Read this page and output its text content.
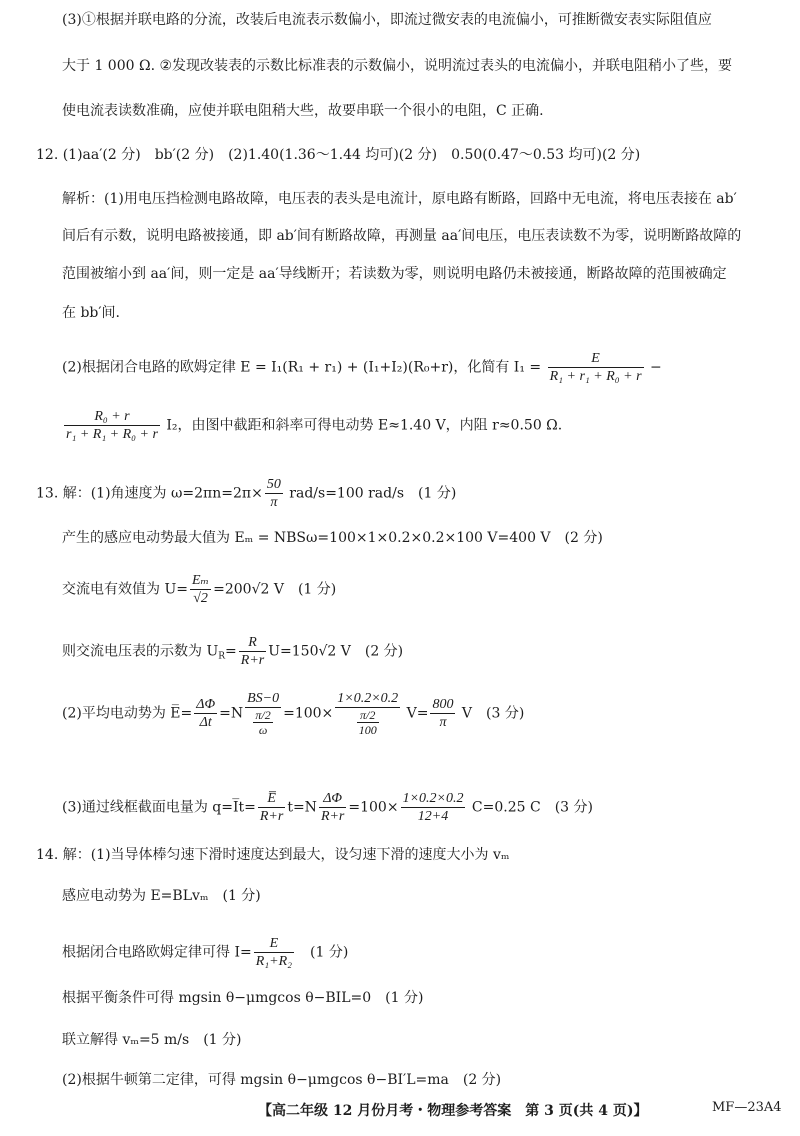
(3)①根据并联电路的分流，改装后电流表示数偏小，即流过微安表的电流偏小，可推断微安表实际阻值应
大于 1 000 Ω. ②发现改装表的示数比标准表的示数偏小，说明流过表头的电流偏小，并联电阻稍小了些，要
使电流表读数准确，应使并联电阻稍大些，故要串联一个很小的电阻，C 正确.
12. (1)aa′(2 分)　bb′(2 分)　(2)1.40(1.36～1.44 均可)(2 分)　0.50(0.47～0.53 均可)(2 分)
解析：(1)用电压挡检测电路故障，电压表的表头是电流计，原电路有断路，回路中无电流，将电压表接在 ab′
间后有示数，说明电路被接通，即 ab′间有断路故障，再测量 aa′间电压，电压表读数不为零，说明断路故障的
范围被缩小到 aa′间，则一定是 aa′导线断开；若读数为零，则说明电路仍未被接通，断路故障的范围被确定
在 bb′间.
(2)根据闭合电路的欧姆定律 E = I₁(R₁ + r₁) + (I₁+I₂)(R₀+r)，化简有 $I_1 = \frac{E}{\text{R₁ + r₁ + R₀ + r}}$ −
$\frac{\text{R₀ + r}}{\text{r₁ + R₁ + R₀ + r}} I_2$，由图中截距和斜率可得电动势 E≈1.40 V，内阻 r≈0.50 Ω.
13. 解：(1)角速度为 $\omega=2\pi n=2\pi\times \frac{50}{\pi} rad/s=100$ rad/s　(1 分)
产生的感应电动势最大值为 Eₘ = NBSω=100×1×0.2×0.2×100 V=400 V　(2 分)
交流电有效值为 $U= \frac{\text{Eₘ}}{√2} =200√2$ V　(1 分)
则交流电压表的示数为 $U_R= \frac{R}{R+r} U=150√2$ V　(2 分)
(2)平均电动势为 E̅= $\frac{\Delta\Phi}{\Delta t} =N \frac{BS-0}{\frac{\pi/2}{\omega}} =100\times \frac{1\times 0.2\times 0.2}{\frac{\pi/2}{100}} V= \frac{800}{\pi}$ V　(3 分)
(3)通过线框截面电量为 q=I̅t= $\frac{E̅}{R+r} t=N \frac{\Delta\Phi}{R+r} =100\times \frac{1\times 0.2\times 0.2}{12+4} C=0.25$ C　(3 分)
14. 解：(1)当导体棒匀速下滑时速度达到最大，设匀速下滑的速度大小为 vₘ
感应电动势为 E=BLvₘ　(1 分)
根据闭合电路欧姆定律可得 $I= \frac{E}{\text{R₁+R₂}}$ 　(1 分)
根据平衡条件可得 mgsin θ−μmgcos θ−BIL=0　(1 分)
联立解得 vₘ=5 m/s　(1 分)
(2)根据牛顿第二定律，可得 mgsin θ−μmgcos θ−BI′L=ma　(2 分)
【高二年级 12 月份月考・物理参考答案　第 3 页(共 4 页)】	MF—23A4
